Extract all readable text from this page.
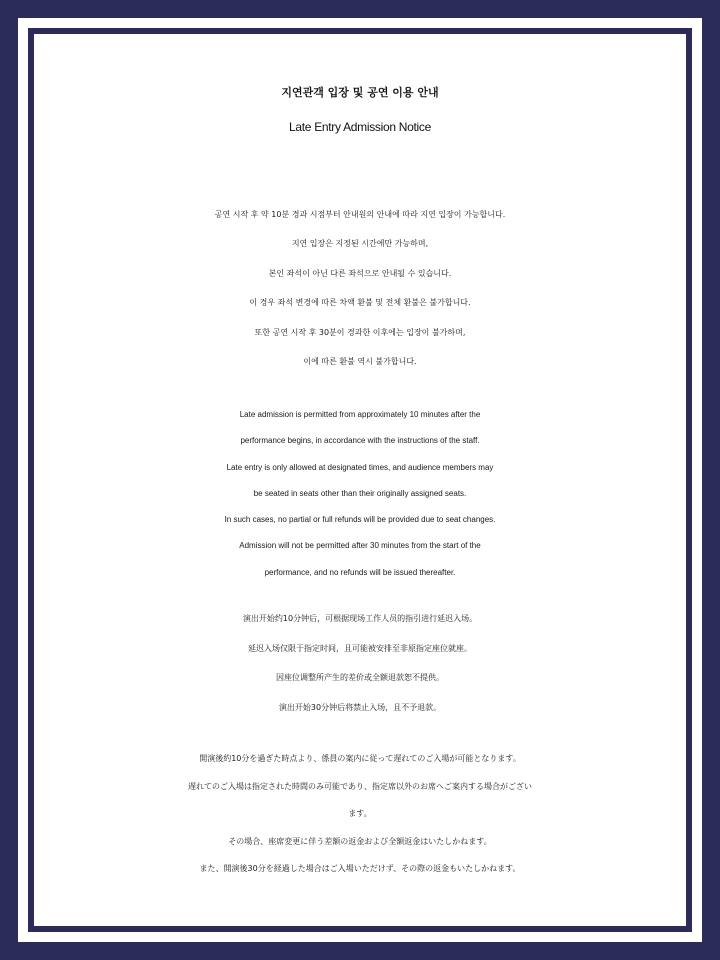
지연관객 입장 및 공연 이용 안내
Late Entry Admission Notice
공연 시작 후 약 10분 경과 시점부터 안내원의 안내에 따라 지연 입장이 가능합니다.
지연 입장은 지정된 시간에만 가능하며,
본인 좌석이 아닌 다른 좌석으로 안내될 수 있습니다.
이 경우 좌석 변경에 따른 차액 환불 및 전체 환불은 불가합니다.
또한 공연 시작 후 30분이 경과한 이후에는 입장이 불가하며,
이에 따른 환불 역시 불가합니다.
Late admission is permitted from approximately 10 minutes after the
performance begins, in accordance with the instructions of the staff.
Late entry is only allowed at designated times, and audience members may
be seated in seats other than their originally assigned seats.
In such cases, no partial or full refunds will be provided due to seat changes.
Admission will not be permitted after 30 minutes from the start of the
performance, and no refunds will be issued thereafter.
演出开始约10分钟后，可根据现场工作人员的指引进行延迟入场。
延迟入场仅限于指定时间，且可能被安排至非原指定座位就座。
因座位调整所产生的差价或全额退款恕不提供。
演出开始30分钟后将禁止入场，且不予退款。
開演後約10分を過ぎた時点より、係員の案内に従って遅れてのご入場が可能となります。
遅れてのご入場は指定された時間のみ可能であり、指定席以外のお席へご案内する場合がござい
ます。
その場合、座席変更に伴う差額の返金および全額返金はいたしかねます。
また、開演後30分を経過した場合はご入場いただけず、その際の返金もいたしかねます。
